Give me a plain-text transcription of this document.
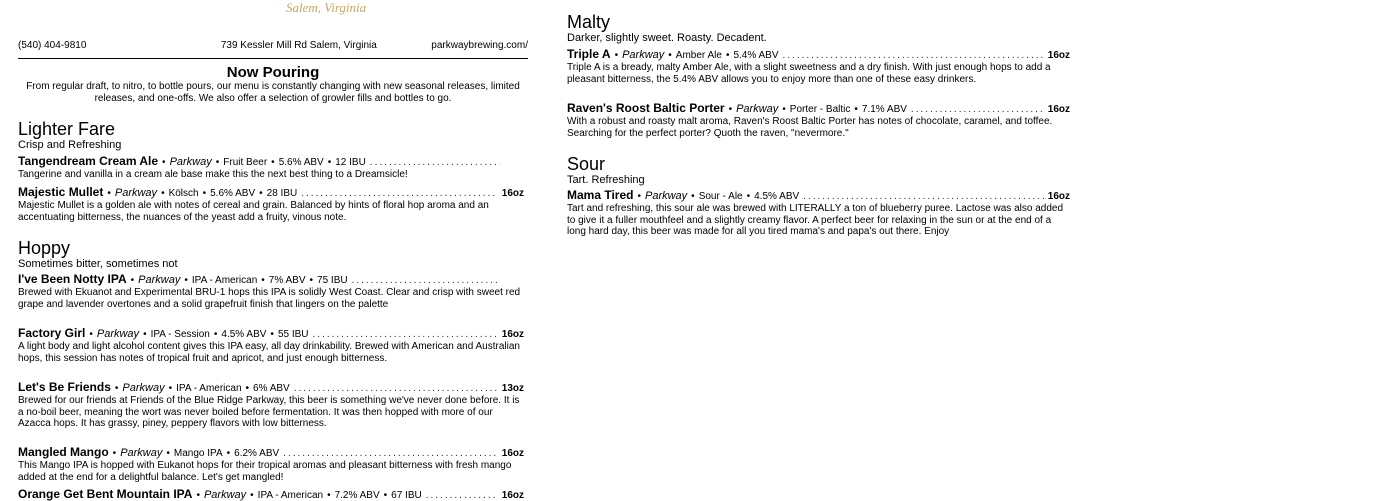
Salem, Virginia
(540) 404-9810	739 Kessler Mill Rd Salem, Virginia	parkwaybrewing.com/
Now Pouring
From regular draft, to nitro, to bottle pours, our menu is constantly changing with new seasonal releases, limited releases, and one-offs. We also offer a selection of growler fills and bottles to go.
Lighter Fare
Crisp and Refreshing
Tangendream Cream Ale • Parkway • Fruit Beer • 5.6% ABV • 12 IBU
.....
Tangerine and vanilla in a cream ale base make this the next best thing to a Dreamsicle!
Majestic Mullet • Parkway • Kölsch • 5.6% ABV • 28 IBU .....	16oz
Majestic Mullet is a golden ale with notes of cereal and grain. Balanced by hints of floral hop aroma and an accentuating bitterness, the nuances of the yeast add a fruity, vinous note.
Hoppy
Sometimes bitter, sometimes not
I've Been Notty IPA • Parkway • IPA - American • 7% ABV • 75 IBU
.....
Brewed with Ekuanot and Experimental BRU-1 hops this IPA is solidly West Coast. Clear and crisp with sweet red grape and lavender overtones and a solid grapefruit finish that lingers on the palette
Factory Girl • Parkway • IPA - Session • 4.5% ABV • 55 IBU .....	16oz
A light body and light alcohol content gives this IPA easy, all day drinkability. Brewed with American and Australian hops, this session has notes of tropical fruit and apricot, and just enough bitterness.
Let's Be Friends • Parkway • IPA - American • 6% ABV .....	13oz
Brewed for our friends at Friends of the Blue Ridge Parkway, this beer is something we've never done before. It is a no-boil beer, meaning the wort was never boiled before fermentation. It was then hopped with more of our Azacca hops. It has grassy, piney, peppery flavors with low bitterness.
Mangled Mango • Parkway • Mango IPA • 6.2% ABV .....	16oz
This Mango IPA is hopped with Eukanot hops for their tropical aromas and pleasant bitterness with fresh mango added at the end for a delightful balance. Let's get mangled!
Orange Get Bent Mountain IPA • Parkway • IPA - American • 7.2% ABV • 67 IBU .....	16oz
Malty
Darker, slightly sweet. Roasty. Decadent.
Triple A • Parkway • Amber Ale • 5.4% ABV .....	16oz
Triple A is a bready, malty Amber Ale, with a slight sweetness and a dry finish. With just enough hops to add a pleasant bitterness, the 5.4% ABV allows you to enjoy more than one of these easy drinkers.
Raven's Roost Baltic Porter • Parkway • Porter - Baltic • 7.1% ABV .....	16oz
With a robust and roasty malt aroma, Raven's Roost Baltic Porter has notes of chocolate, caramel, and toffee. Searching for the perfect porter? Quoth the raven, "nevermore."
Sour
Tart. Refreshing
Mama Tired • Parkway • Sour - Ale • 4.5% ABV .....	16oz
Tart and refreshing, this sour ale was brewed with LITERALLY a ton of blueberry puree. Lactose was also added to give it a fuller mouthfeel and a slightly creamy flavor. A perfect beer for relaxing in the sun or at the end of a long hard day, this beer was made for all you tired mama's and papa's out there. Enjoy
